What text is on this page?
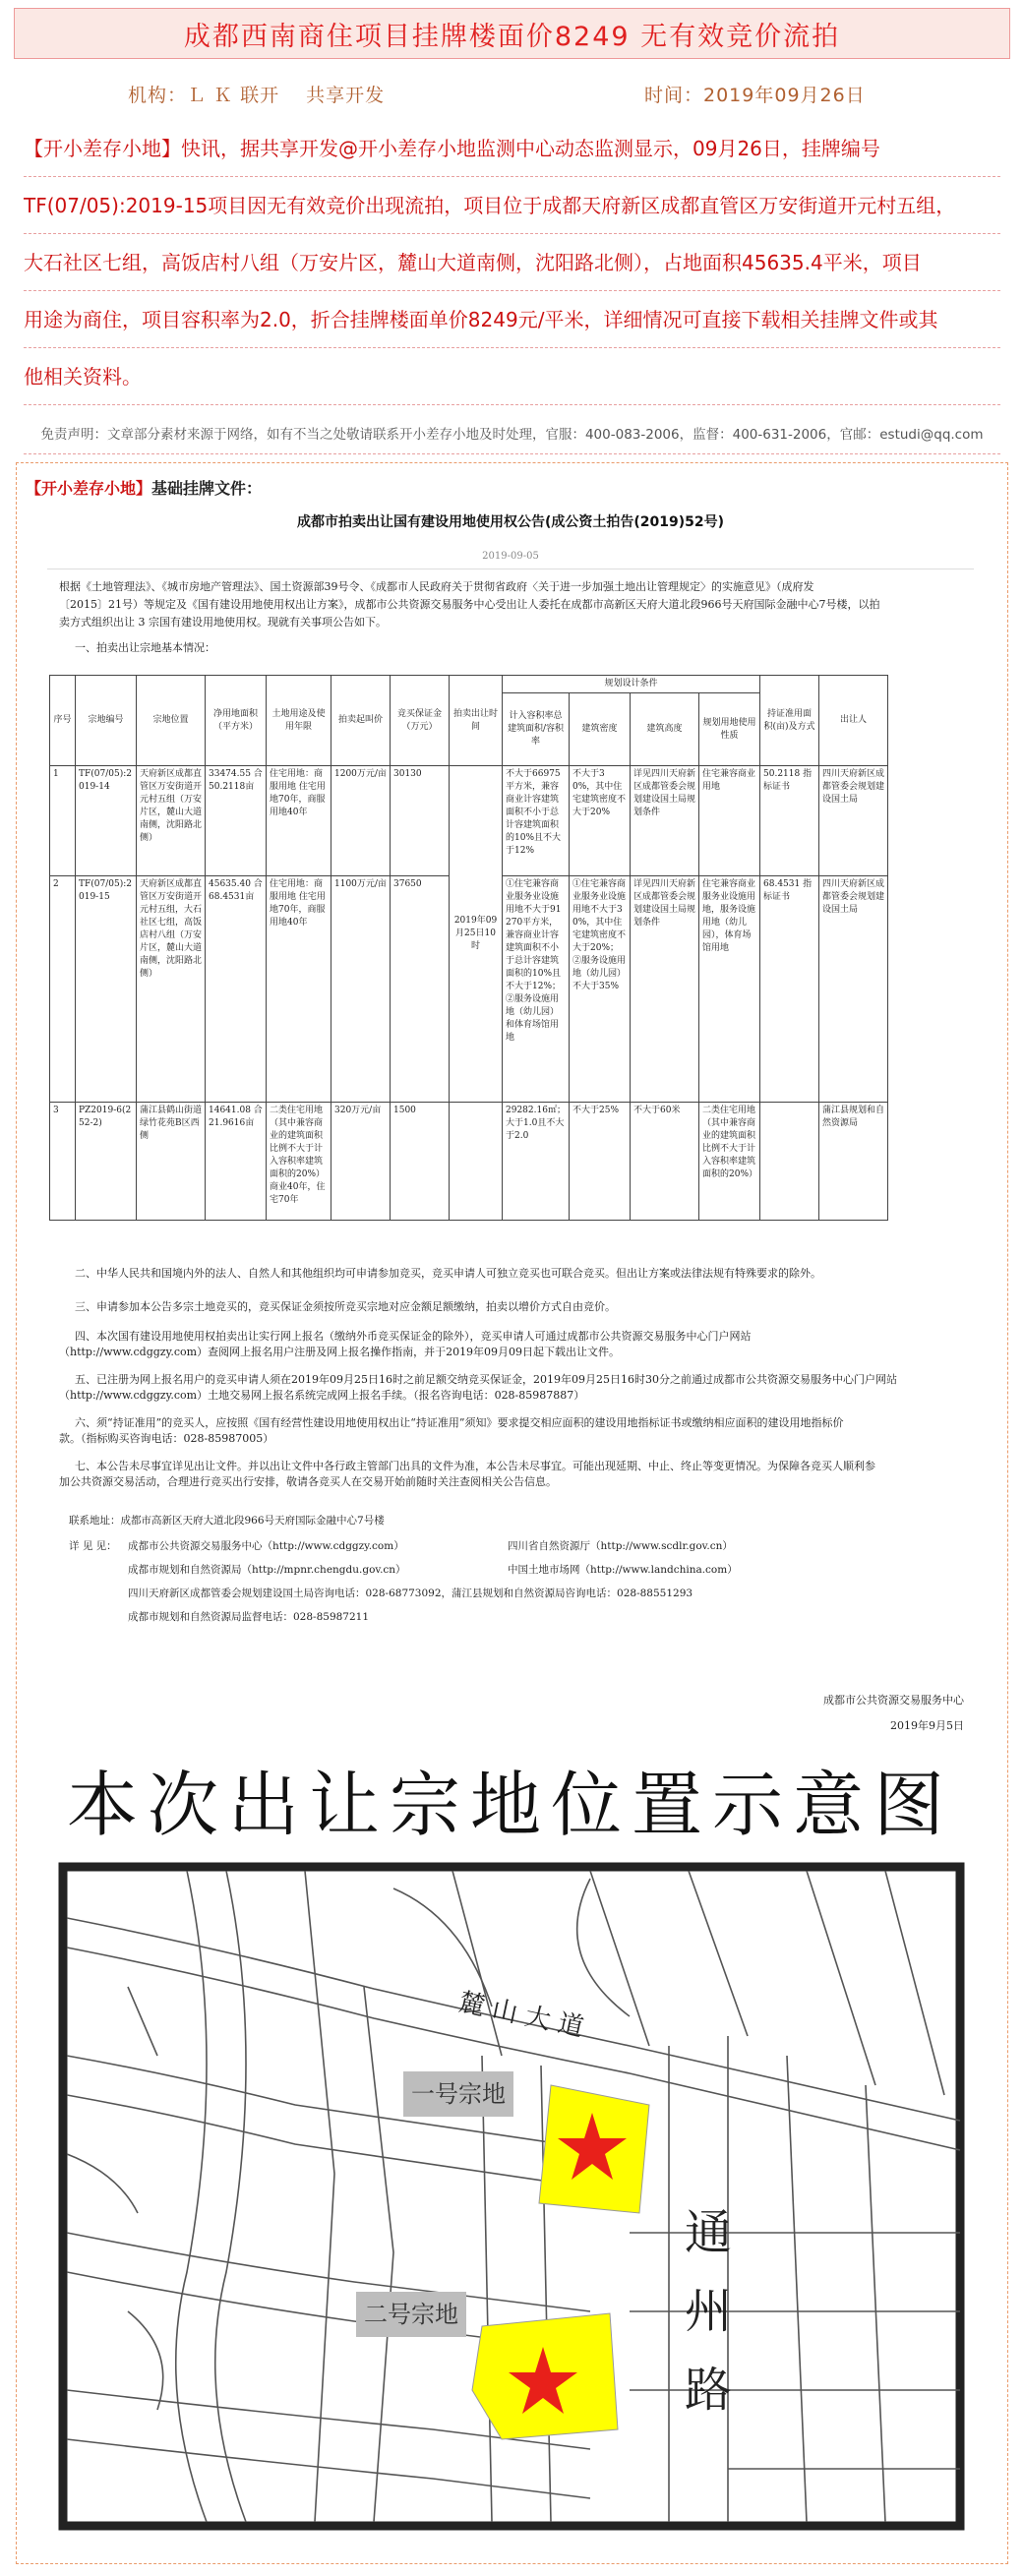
成都西南商住项目挂牌楼面价8249 无有效竞价流拍
机构：Ｌ Ｋ 联开　 共享开发	时间：2019年09月26日
【开小差存小地】快讯，据共享开发@开小差存小地监测中心动态监测显示，09月26日，挂牌编号
TF(07/05):2019-15项目因无有效竞价出现流拍，项目位于成都天府新区成都直管区万安街道开元村五组，
大石社区七组，高饭店村八组（万安片区，麓山大道南侧，沈阳路北侧），占地面积45635.4平米，项目
用途为商住，项目容积率为2.0，折合挂牌楼面单价8249元/平米，详细情况可直接下载相关挂牌文件或其
他相关资料。
免责声明：文章部分素材来源于网络，如有不当之处敬请联系开小差存小地及时处理，官服：400-083-2006，监督：400-631-2006，官邮：estudi@qq.com
【开小差存小地】基础挂牌文件：
成都市拍卖出让国有建设用地使用权公告(成公资土拍告(2019)52号)
2019-09-05
根据《土地管理法》、《城市房地产管理法》、国土资源部39号令、《成都市人民政府关于贯彻省政府〈关于进一步加强土地出让管理规定〉的实施意见》（成府发
〔2015〕21号）等规定及《国有建设用地使用权出让方案》，成都市公共资源交易服务中心受出让人委托在成都市高新区天府大道北段966号天府国际金融中心7号楼，以拍
卖方式组织出让 3 宗国有建设用地使用权。现就有关事项公告如下。
一、拍卖出让宗地基本情况：
序号	宗地编号	宗地位置	净用地面积（平方米）	土地用途及使用年限	拍卖起叫价	竞买保证金（万元）	拍卖出让时间	规划设计条件				持证准用面积(亩)及方式	出让人
								计入容积率总建筑面积/容积率	建筑密度	建筑高度	规划用地使用性质		
1	TF(07/05):2019-14	天府新区成都直管区万安街道开元村五组（万安片区，麓山大道南侧，沈阳路北侧）	33474.55 合50.2118亩	住宅用地：商服用地 住宅用地70年，商服用地40年	1200万元/亩	30130	2019年09月25日10时	不大于66975平方米，兼容商业计容建筑面积不小于总计容建筑面积的10%且不大于12%	不大于30%，其中住宅建筑密度不大于20%	详见四川天府新区成都管委会规划建设国土局规划条件	住宅兼容商业用地	50.2118 指标证书	四川天府新区成都管委会规划建设国土局
2	TF(07/05):2019-15	天府新区成都直管区万安街道开元村五组，大石社区七组，高饭店村八组（万安片区，麓山大道南侧，沈阳路北侧）	45635.40 合68.4531亩	住宅用地：商服用地 住宅用地70年，商服用地40年	1100万元/亩	37650		①住宅兼容商业服务业设施用地不大于91270平方米，兼容商业计容建筑面积不小于总计容建筑面积的10%且不大于12%；②服务设施用地（幼儿园）和体育场馆用地	①住宅兼容商业服务业设施用地不大于30%，其中住宅建筑密度不大于20%；②服务设施用地（幼儿园）不大于35%	详见四川天府新区成都管委会规划建设国土局规划条件	住宅兼容商业服务业设施用地，服务设施用地（幼儿园），体育场馆用地	68.4531 指标证书	四川天府新区成都管委会规划建设国土局
3	PZ2019-6(252-2)	蒲江县鹤山街道绿竹花苑B区西侧	14641.08 合21.9616亩	二类住宅用地（其中兼容商业的建筑面积比例不大于计入容积率建筑面积的20%） 商业40年，住宅70年	320万元/亩	1500		29282.16㎡；大于1.0且不大于2.0	不大于25%	不大于60米	二类住宅用地（其中兼容商业的建筑面积比例不大于计入容积率建筑面积的20%）		蒲江县规划和自然资源局
二、中华人民共和国境内外的法人、自然人和其他组织均可申请参加竞买，竞买申请人可独立竞买也可联合竞买。但出让方案或法律法规有特殊要求的除外。
三、申请参加本公告多宗土地竞买的，竞买保证金须按所竞买宗地对应金额足额缴纳，拍卖以增价方式自由竞价。
四、本次国有建设用地使用权拍卖出让实行网上报名（缴纳外币竞买保证金的除外），竞买申请人可通过成都市公共资源交易服务中心门户网站
（http://www.cdggzy.com）查阅网上报名用户注册及网上报名操作指南，并于2019年09月09日起下载出让文件。
五、已注册为网上报名用户的竞买申请人须在2019年09月25日16时之前足额交纳竞买保证金，2019年09月25日16时30分之前通过成都市公共资源交易服务中心门户网站
（http://www.cdggzy.com）土地交易网上报名系统完成网上报名手续。（报名咨询电话：028-85987887）
六、须“持证准用”的竞买人，应按照《国有经营性建设用地使用权出让“持证准用”须知》要求提交相应面积的建设用地指标证书或缴纳相应面积的建设用地指标价
款。（指标购买咨询电话：028-85987005）
七、本公告未尽事宜详见出让文件。并以出让文件中各行政主管部门出具的文件为准，本公告未尽事宜。可能出现延期、中止、终止等变更情况。为保障各竞买人顺利参
加公共资源交易活动，合理进行竞买出行安排，敬请各竞买人在交易开始前随时关注查阅相关公告信息。
联系地址：成都市高新区天府大道北段966号天府国际金融中心7号楼
详 见 见： 成都市公共资源交易服务中心（http://www.cdggzy.com）	四川省自然资源厅（http://www.scdlr.gov.cn）
成都市规划和自然资源局（http://mpnr.chengdu.gov.cn）	中国土地市场网（http://www.landchina.com）
四川天府新区成都管委会规划建设国土局咨询电话：028-68773092，蒲江县规划和自然资源局咨询电话：028-88551293
成都市规划和自然资源局监督电话：028-85987211
成都市公共资源交易服务中心
2019年9月5日
本次出让宗地位置示意图
一号宗地
二号宗地
麓 山 大 道
通 州 路
